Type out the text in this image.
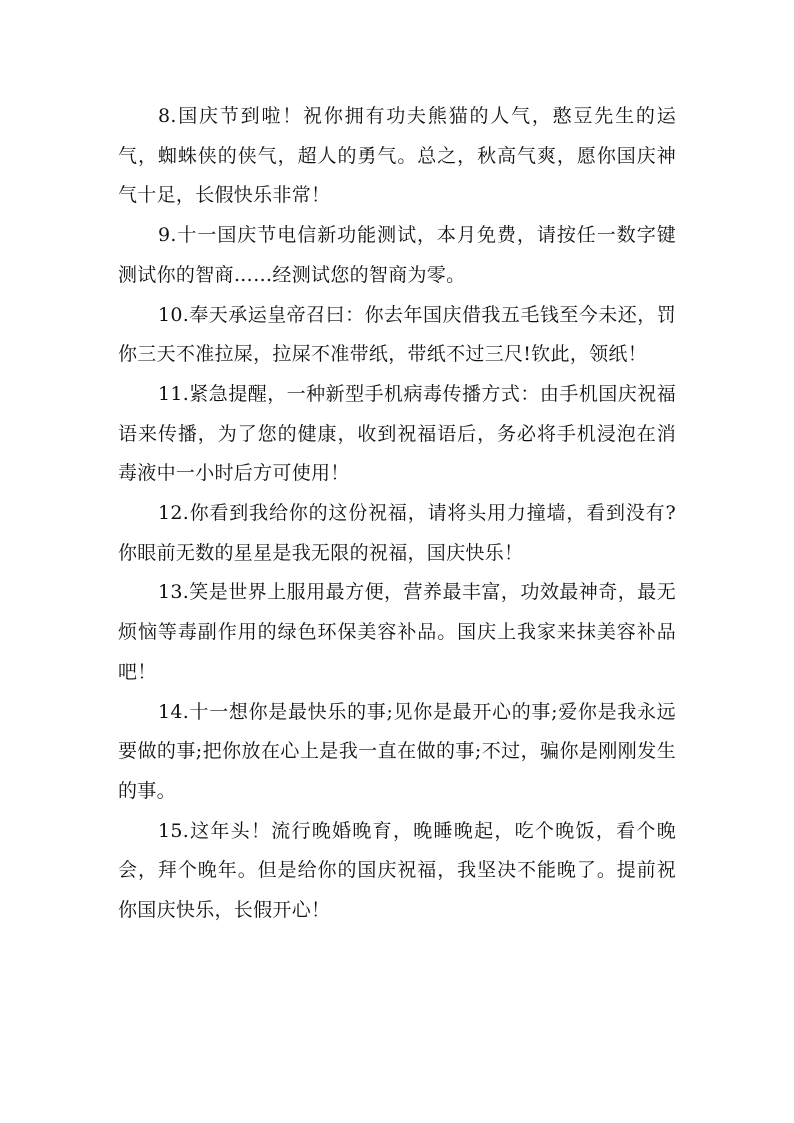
8.国庆节到啦！祝你拥有功夫熊猫的人气，憨豆先生的运气，蜘蛛侠的侠气，超人的勇气。总之，秋高气爽，愿你国庆神气十足，长假快乐非常！

9.十一国庆节电信新功能测试，本月免费，请按任一数字键测试你的智商……经测试您的智商为零。

10.奉天承运皇帝召曰：你去年国庆借我五毛钱至今未还，罚你三天不准拉屎，拉屎不准带纸，带纸不过三尺!钦此，领纸！

11.紧急提醒，一种新型手机病毒传播方式：由手机国庆祝福语来传播，为了您的健康，收到祝福语后，务必将手机浸泡在消毒液中一小时后方可使用！

12.你看到我给你的这份祝福，请将头用力撞墙，看到没有?你眼前无数的星星是我无限的祝福，国庆快乐！

13.笑是世界上服用最方便，营养最丰富，功效最神奇，最无烦恼等毒副作用的绿色环保美容补品。国庆上我家来抹美容补品吧！

14.十一想你是最快乐的事;见你是最开心的事;爱你是我永远要做的事;把你放在心上是我一直在做的事;不过，骗你是刚刚发生的事。

15.这年头！流行晚婚晚育，晚睡晚起，吃个晚饭，看个晚会，拜个晚年。但是给你的国庆祝福，我坚决不能晚了。提前祝你国庆快乐，长假开心！
